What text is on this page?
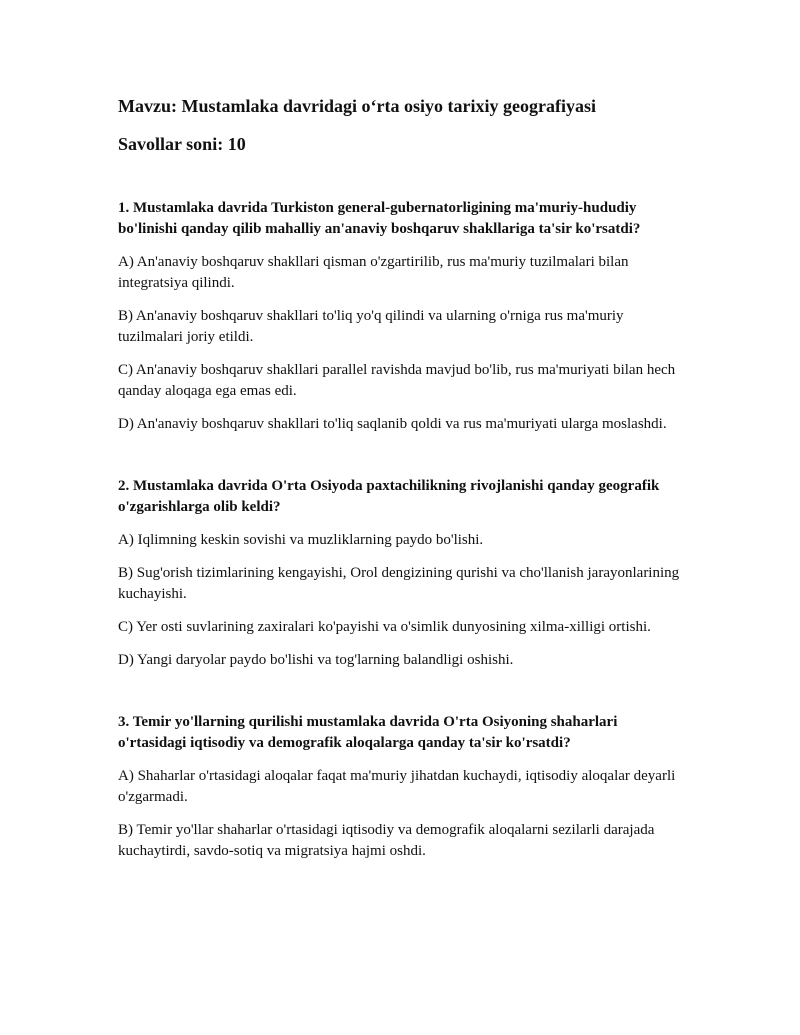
Mavzu: Mustamlaka davridagi o‘rta osiyo tarixiy geografiyasi
Savollar soni: 10

1. Mustamlaka davrida Turkiston general-gubernatorligining ma'muriy-hududiy bo'linishi qanday qilib mahalliy an'anaviy boshqaruv shakllariga ta'sir ko'rsatdi?

A) An'anaviy boshqaruv shakllari qisman o'zgartirilib, rus ma'muriy tuzilmalari bilan integratsiya qilindi.

B) An'anaviy boshqaruv shakllari to'liq yo'q qilindi va ularning o'rniga rus ma'muriy tuzilmalari joriy etildi.

C) An'anaviy boshqaruv shakllari parallel ravishda mavjud bo'lib, rus ma'muriyati bilan hech qanday aloqaga ega emas edi.

D) An'anaviy boshqaruv shakllari to'liq saqlanib qoldi va rus ma'muriyati ularga moslashdi.

2. Mustamlaka davrida O'rta Osiyoda paxtachilikning rivojlanishi qanday geografik o'zgarishlarga olib keldi?

A) Iqlimning keskin sovishi va muzliklarning paydo bo'lishi.

B) Sug'orish tizimlarining kengayishi, Orol dengizining qurishi va cho'llanish jarayonlarining kuchayishi.

C) Yer osti suvlarining zaxiralari ko'payishi va o'simlik dunyosining xilma-xilligi ortishi.

D) Yangi daryolar paydo bo'lishi va tog'larning balandligi oshishi.

3. Temir yo'llarning qurilishi mustamlaka davrida O'rta Osiyoning shaharlari o'rtasidagi iqtisodiy va demografik aloqalarga qanday ta'sir ko'rsatdi?

A) Shaharlar o'rtasidagi aloqalar faqat ma'muriy jihatdan kuchaydi, iqtisodiy aloqalar deyarli o'zgarmadi.

B) Temir yo'llar shaharlar o'rtasidagi iqtisodiy va demografik aloqalarni sezilarli darajada kuchaytirdi, savdo-sotiq va migratsiya hajmi oshdi.
